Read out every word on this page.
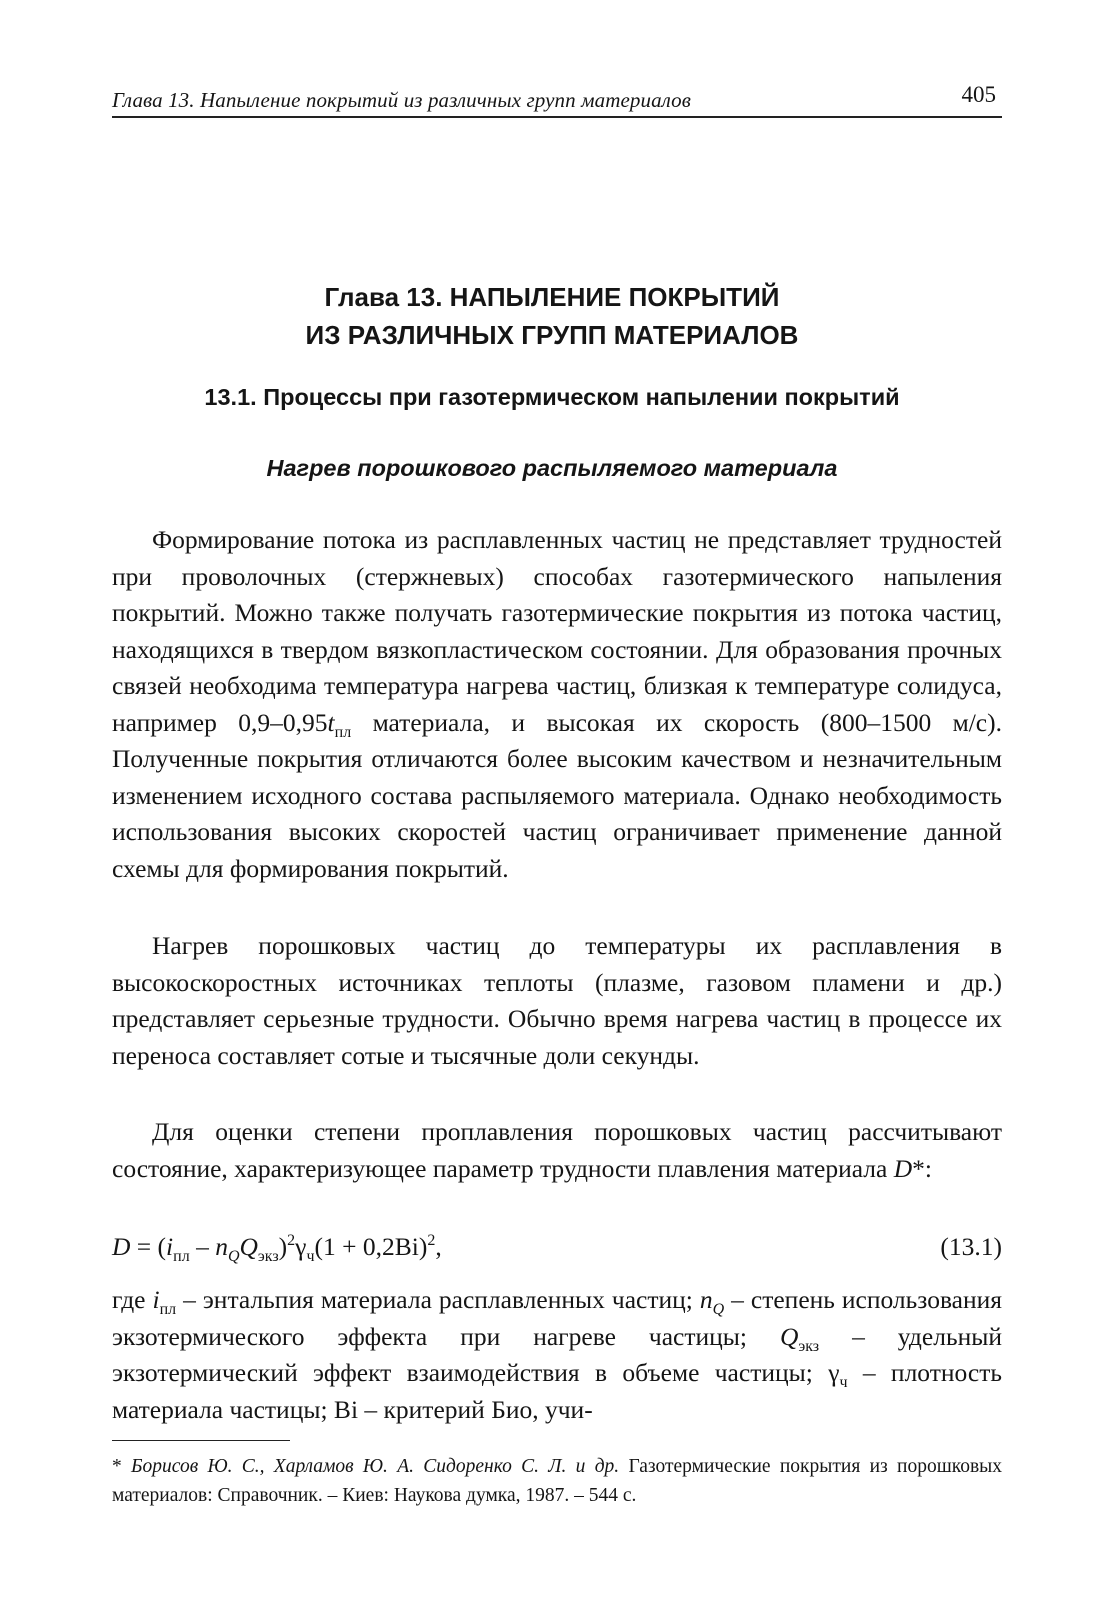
Глава 13. Напыление покрытий из различных групп материалов	405
Глава 13. НАПЫЛЕНИЕ ПОКРЫТИЙ
ИЗ РАЗЛИЧНЫХ ГРУПП МАТЕРИАЛОВ
13.1. Процессы при газотермическом напылении покрытий
Нагрев порошкового распыляемого материала

Формирование потока из расплавленных частиц не представляет трудностей при проволочных (стержневых) способах газотермического напыления покрытий. Можно также получать газотермические покрытия из потока частиц, находящихся в твердом вязкопластическом состоянии. Для образования прочных связей необходима температура нагрева частиц, близкая к температуре солидуса, например $0,9-0,95t_{пл}$ материала, и высокая их скорость (800–1500 м/с). Полученные покрытия отличаются более высоким качеством и незначительным изменением исходного состава распыляемого материала. Однако необходимость использования высоких скоростей частиц ограничивает применение данной схемы для формирования покрытий.

Нагрев порошковых частиц до температуры их расплавления в высокоскоростных источниках теплоты (плазме, газовом пламени и др.) представляет серьезные трудности. Обычно время нагрева частиц в процессе их переноса составляет сотые и тысячные доли секунды.

Для оценки степени проплавления порошковых частиц рассчитывают состояние, характеризующее параметр трудности плавления материала D*:

$D = (i_{пл} - n_QQ_{экз})^2\gamma_ч(1 + 0,2Bi)^2$,	(13.1)

где $i_{пл}$ – энтальпия материала расплавленных частиц; $n_Q$ – степень использования экзотермического эффекта при нагреве частицы; $Q_{экз}$ – удельный экзотермический эффект взаимодействия в объеме частицы; $\gamma_ч$ – плотность материала частицы; Bi – критерий Био, учи-

* Борисов Ю. С., Харламов Ю. А. Сидоренко С. Л. и др. Газотермические покрытия из порошковых материалов: Справочник. – Киев: Наукова думка, 1987. – 544 с.
